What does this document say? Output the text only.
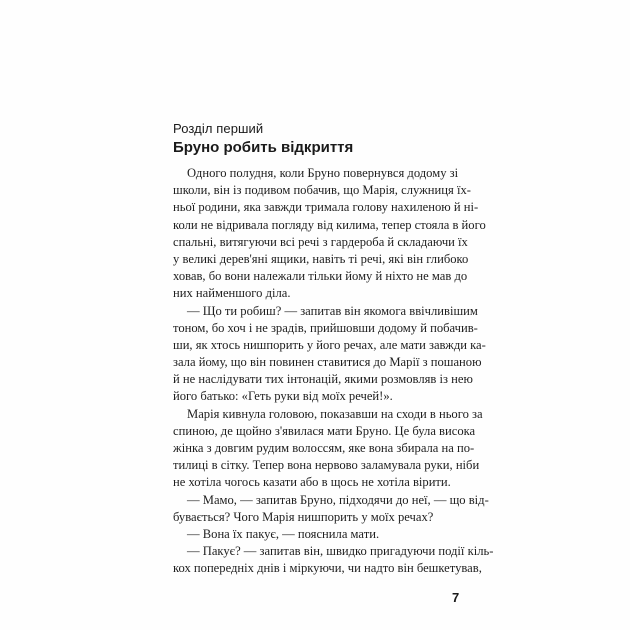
Розділ перший
Бруно робить відкриття
Одного полудня, коли Бруно повернувся додому зі
школи, він із подивом побачив, що Марія, служниця їх-
ньої родини, яка завжди тримала голову нахиленою й ні-
коли не відривала погляду від килима, тепер стояла в його
спальні, витягуючи всі речі з гардероба й складаючи їх
у великі дерев'яні ящики, навіть ті речі, які він глибоко
ховав, бо вони належали тільки йому й ніхто не мав до
них найменшого діла.
— Що ти робиш? — запитав він якомога ввічливішим
тоном, бо хоч і не зрадів, прийшовши додому й побачив-
ши, як хтось нишпорить у його речах, але мати завжди ка-
зала йому, що він повинен ставитися до Марії з пошаною
й не наслідувати тих інтонацій, якими розмовляв із нею
його батько: «Геть руки від моїх речей!».
Марія кивнула головою, показавши на сходи в нього за
спиною, де щойно з'явилася мати Бруно. Це була висока
жінка з довгим рудим волоссям, яке вона збирала на по-
тилиці в сітку. Тепер вона нервово заламувала руки, ніби
не хотіла чогось казати або в щось не хотіла вірити.
— Мамо, — запитав Бруно, підходячи до неї, — що від-
бувається? Чого Марія нишпорить у моїх речах?
— Вона їх пакує, — пояснила мати.
— Пакує? — запитав він, швидко пригадуючи події кіль-
кох попередніх днів і міркуючи, чи надто він бешкетував,
7
